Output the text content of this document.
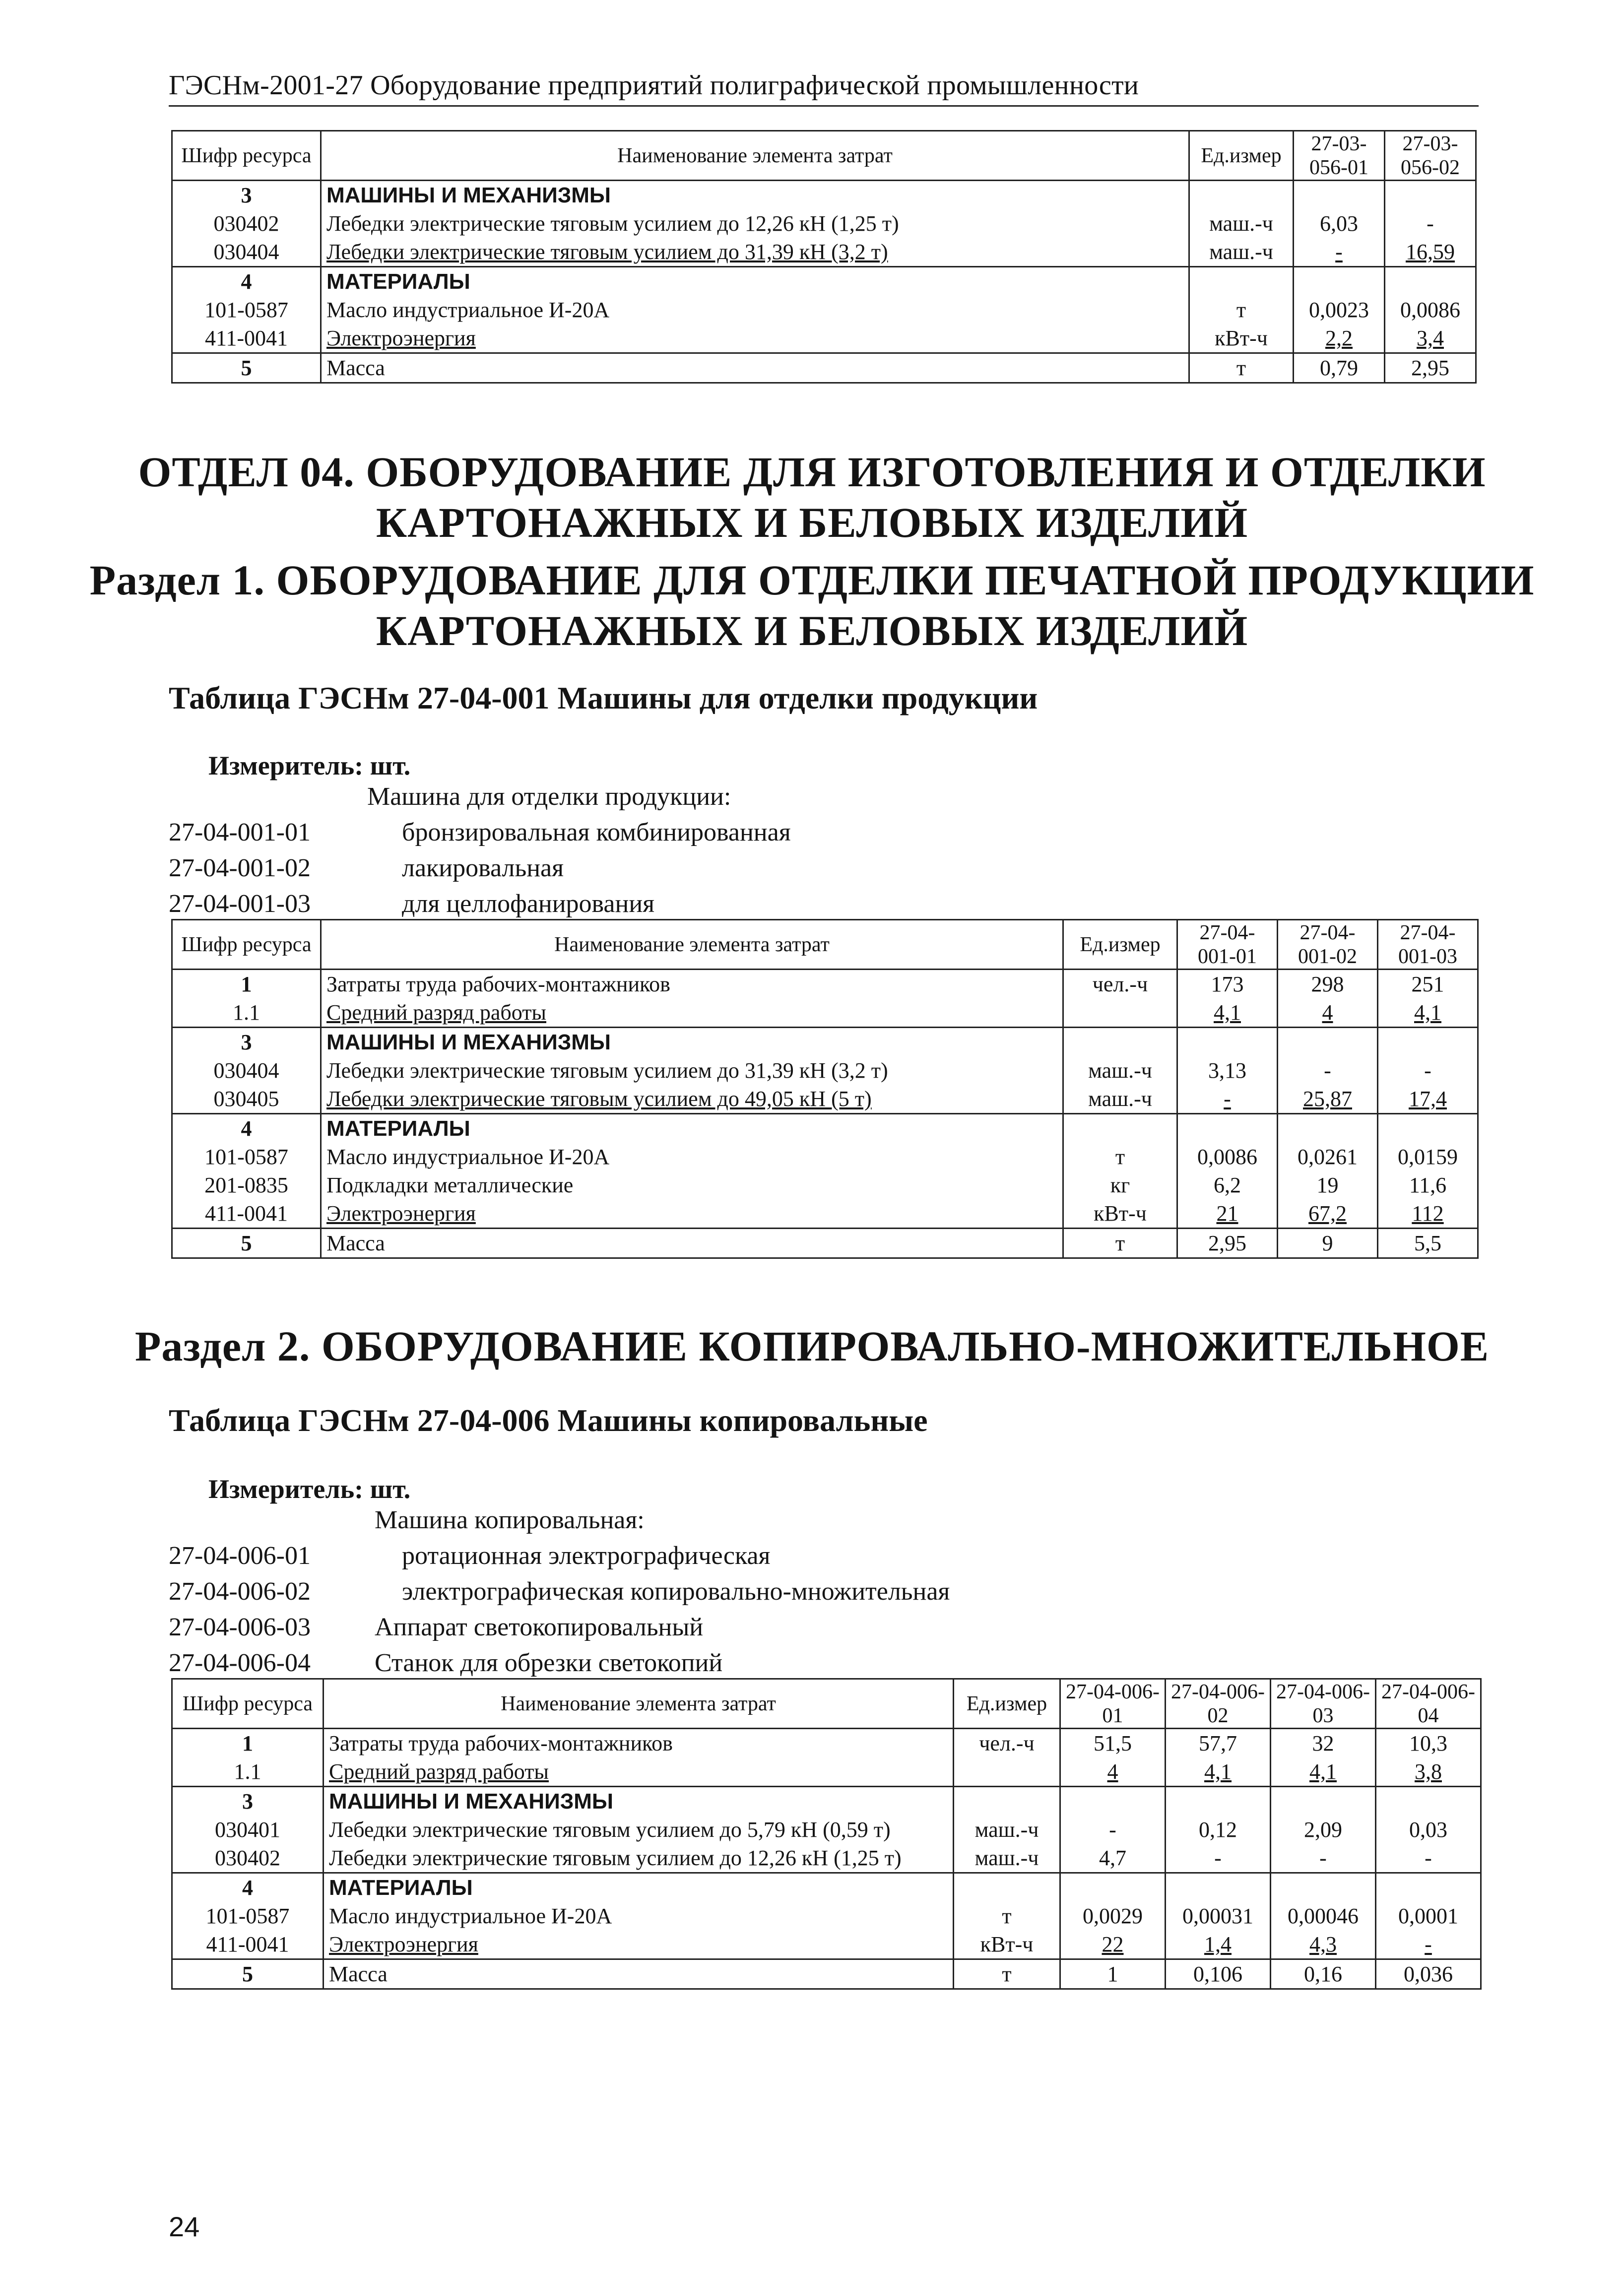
ГЭСНм-2001-27 Оборудование предприятий полиграфической промышленности
Шифр ресурса	Наименование элемента затрат	Ед.измер	27-03-056-01	27-03-056-02
3	МАШИНЫ И МЕХАНИЗМЫ			
030402	Лебедки электрические тяговым усилием до 12,26 кН (1,25 т)	маш.-ч	6,03	-
030404	Лебедки электрические тяговым усилием до 31,39 кН (3,2 т)	маш.-ч	-	16,59
4	МАТЕРИАЛЫ			
101-0587	Масло индустриальное И-20А	т	0,0023	0,0086
411-0041	Электроэнергия	кВт-ч	2,2	3,4
5	Масса	т	0,79	2,95
ОТДЕЛ 04. ОБОРУДОВАНИЕ ДЛЯ ИЗГОТОВЛЕНИЯ И ОТДЕЛКИ
КАРТОНАЖНЫХ И БЕЛОВЫХ ИЗДЕЛИЙ
Раздел 1. ОБОРУДОВАНИЕ ДЛЯ ОТДЕЛКИ ПЕЧАТНОЙ ПРОДУКЦИИ
КАРТОНАЖНЫХ И БЕЛОВЫХ ИЗДЕЛИЙ
Таблица ГЭСНм 27-04-001 Машины для отделки продукции
Измеритель: шт.
Машина для отделки продукции:
27-04-001-01	бронзировальная комбинированная
27-04-001-02	лакировальная
27-04-001-03	для целлофанирования
Шифр ресурса	Наименование элемента затрат	Ед.измер	27-04-001-01	27-04-001-02	27-04-001-03
1	Затраты труда рабочих-монтажников	чел.-ч	173	298	251
1.1	Средний разряд работы		4,1	4	4,1
3	МАШИНЫ И МЕХАНИЗМЫ				
030404	Лебедки электрические тяговым усилием до 31,39 кН (3,2 т)	маш.-ч	3,13	-	-
030405	Лебедки электрические тяговым усилием до 49,05 кН (5 т)	маш.-ч	-	25,87	17,4
4	МАТЕРИАЛЫ				
101-0587	Масло индустриальное И-20А	т	0,0086	0,0261	0,0159
201-0835	Подкладки металлические	кг	6,2	19	11,6
411-0041	Электроэнергия	кВт-ч	21	67,2	112
5	Масса	т	2,95	9	5,5
Раздел 2. ОБОРУДОВАНИЕ КОПИРОВАЛЬНО-МНОЖИТЕЛЬНОЕ
Таблица ГЭСНм 27-04-006 Машины копировальные
Измеритель: шт.
Машина копировальная:
27-04-006-01	ротационная электрографическая
27-04-006-02	электрографическая копировально-множительная
27-04-006-03 Аппарат светокопировальный
27-04-006-04 Станок для обрезки светокопий
Шифр ресурса	Наименование элемента затрат	Ед.измер	27-04-006-01	27-04-006-02	27-04-006-03	27-04-006-04
1	Затраты труда рабочих-монтажников	чел.-ч	51,5	57,7	32	10,3
1.1	Средний разряд работы		4	4,1	4,1	3,8
3	МАШИНЫ И МЕХАНИЗМЫ					
030401	Лебедки электрические тяговым усилием до 5,79 кН (0,59 т)	маш.-ч	-	0,12	2,09	0,03
030402	Лебедки электрические тяговым усилием до 12,26 кН (1,25 т)	маш.-ч	4,7	-	-	-
4	МАТЕРИАЛЫ					
101-0587	Масло индустриальное И-20А	т	0,0029	0,00031	0,00046	0,0001
411-0041	Электроэнергия	кВт-ч	22	1,4	4,3	-
5	Масса	т	1	0,106	0,16	0,036
24
